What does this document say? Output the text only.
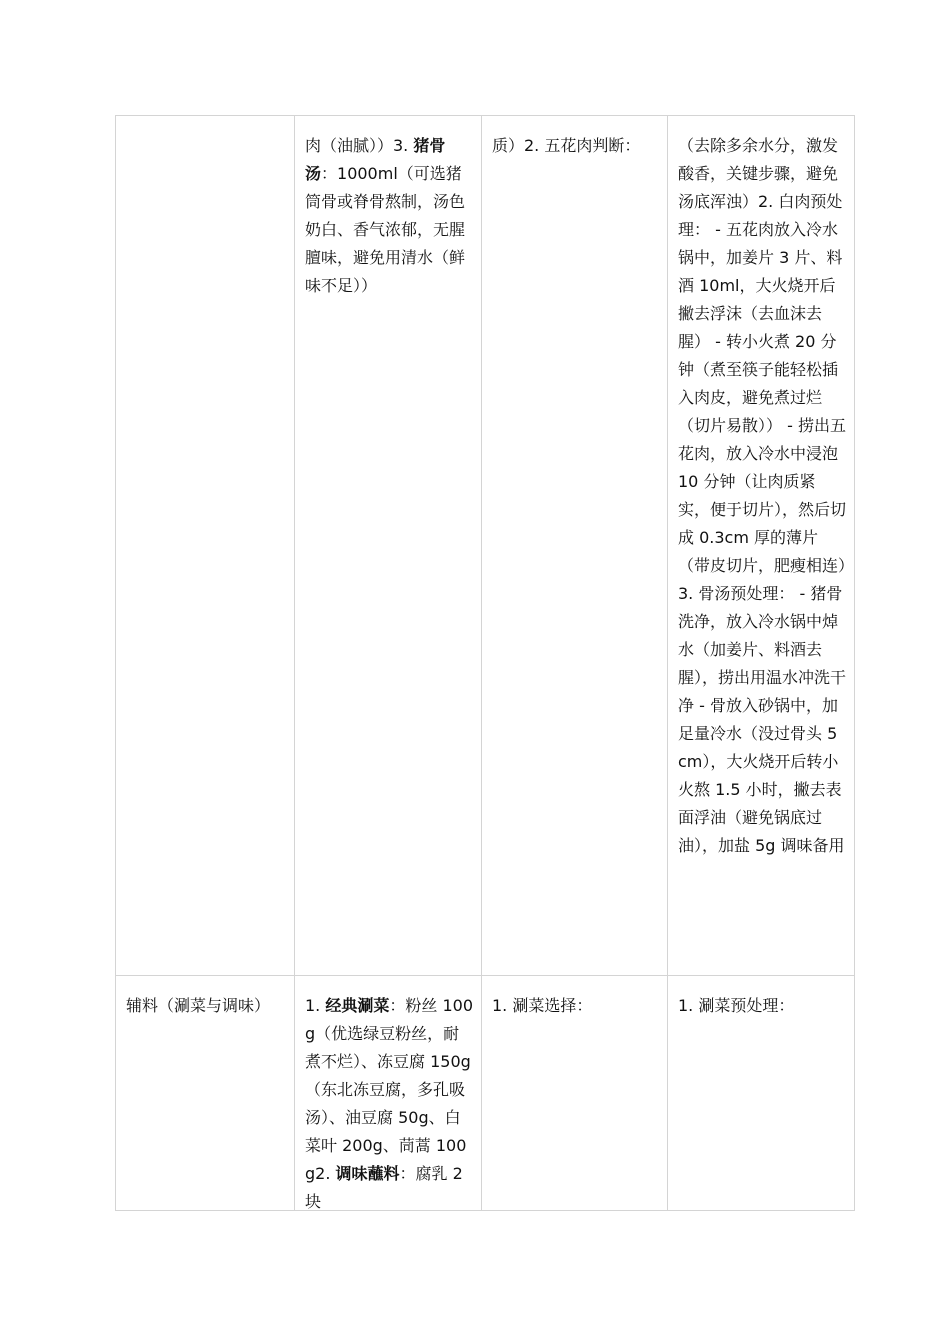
	肉（油腻））3. 猪骨汤：1000ml（可选猪筒骨或脊骨熬制，汤色奶白、香气浓郁，无腥膻味，避免用清水（鲜味不足））	质）2. 五花肉判断：	（去除多余水分，激发酸香，关键步骤，避免汤底浑浊）2. 白肉预处理： - 五花肉放入冷水锅中，加姜片 3 片、料酒 10ml，大火烧开后撇去浮沫（去血沫去腥） - 转小火煮 20 分钟（煮至筷子能轻松插入肉皮，避免煮过烂（切片易散）） - 捞出五花肉，放入冷水中浸泡 10 分钟（让肉质紧实，便于切片），然后切成 0.3cm 厚的薄片（带皮切片，肥瘦相连）3. 骨汤预处理： - 猪骨洗净，放入冷水锅中焯水（加姜片、料酒去腥），捞出用温水冲洗干净 - 骨放入砂锅中，加足量冷水（没过骨头 5cm），大火烧开后转小火熬 1.5 小时，撇去表面浮油（避免锅底过油），加盐 5g 调味备用
辅料（涮菜与调味）	1. 经典涮菜：粉丝 100g（优选绿豆粉丝，耐煮不烂）、冻豆腐 150g（东北冻豆腐，多孔吸汤）、油豆腐 50g、白菜叶 200g、茼蒿 100g2. 调味蘸料：腐乳 2 块	1. 涮菜选择：	1. 涮菜预处理：
